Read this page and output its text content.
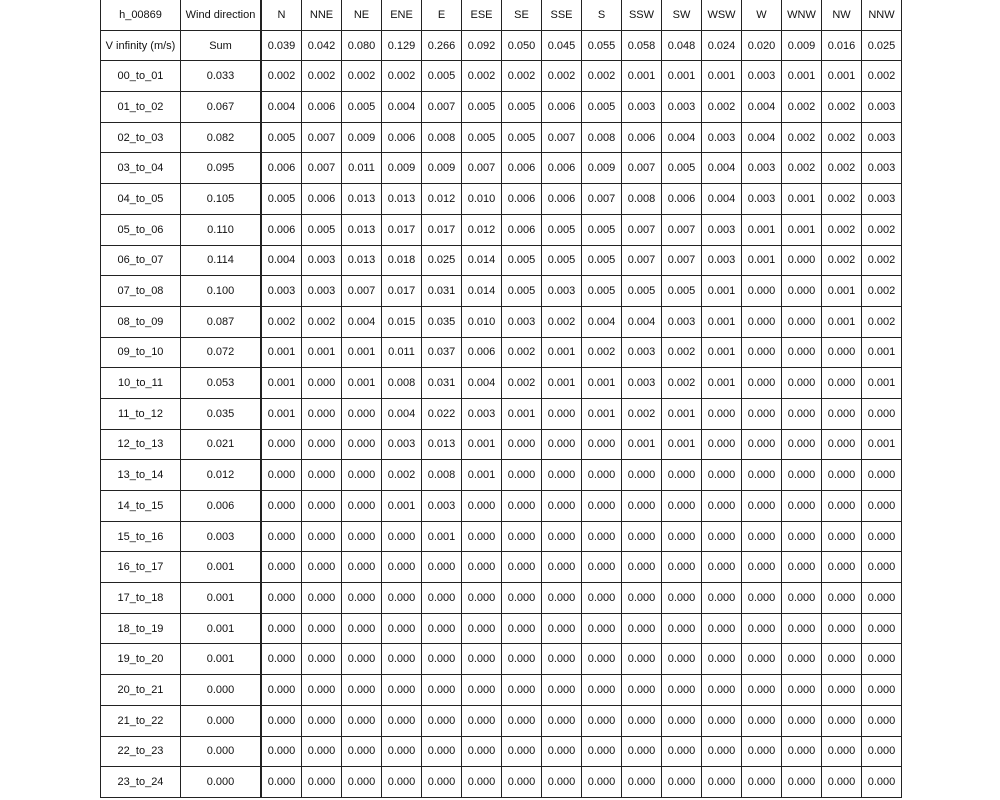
h_00869	Wind direction	N	NNE	NE	ENE	E	ESE	SE	SSE	S	SSW	SW	WSW	W	WNW	NW	NNW
V infinity (m/s)	Sum	0.039	0.042	0.080	0.129	0.266	0.092	0.050	0.045	0.055	0.058	0.048	0.024	0.020	0.009	0.016	0.025
00_to_01	0.033	0.002	0.002	0.002	0.002	0.005	0.002	0.002	0.002	0.002	0.001	0.001	0.001	0.003	0.001	0.001	0.002
01_to_02	0.067	0.004	0.006	0.005	0.004	0.007	0.005	0.005	0.006	0.005	0.003	0.003	0.002	0.004	0.002	0.002	0.003
02_to_03	0.082	0.005	0.007	0.009	0.006	0.008	0.005	0.005	0.007	0.008	0.006	0.004	0.003	0.004	0.002	0.002	0.003
03_to_04	0.095	0.006	0.007	0.011	0.009	0.009	0.007	0.006	0.006	0.009	0.007	0.005	0.004	0.003	0.002	0.002	0.003
04_to_05	0.105	0.005	0.006	0.013	0.013	0.012	0.010	0.006	0.006	0.007	0.008	0.006	0.004	0.003	0.001	0.002	0.003
05_to_06	0.110	0.006	0.005	0.013	0.017	0.017	0.012	0.006	0.005	0.005	0.007	0.007	0.003	0.001	0.001	0.002	0.002
06_to_07	0.114	0.004	0.003	0.013	0.018	0.025	0.014	0.005	0.005	0.005	0.007	0.007	0.003	0.001	0.000	0.002	0.002
07_to_08	0.100	0.003	0.003	0.007	0.017	0.031	0.014	0.005	0.003	0.005	0.005	0.005	0.001	0.000	0.000	0.001	0.002
08_to_09	0.087	0.002	0.002	0.004	0.015	0.035	0.010	0.003	0.002	0.004	0.004	0.003	0.001	0.000	0.000	0.001	0.002
09_to_10	0.072	0.001	0.001	0.001	0.011	0.037	0.006	0.002	0.001	0.002	0.003	0.002	0.001	0.000	0.000	0.000	0.001
10_to_11	0.053	0.001	0.000	0.001	0.008	0.031	0.004	0.002	0.001	0.001	0.003	0.002	0.001	0.000	0.000	0.000	0.001
11_to_12	0.035	0.001	0.000	0.000	0.004	0.022	0.003	0.001	0.000	0.001	0.002	0.001	0.000	0.000	0.000	0.000	0.000
12_to_13	0.021	0.000	0.000	0.000	0.003	0.013	0.001	0.000	0.000	0.000	0.001	0.001	0.000	0.000	0.000	0.000	0.001
13_to_14	0.012	0.000	0.000	0.000	0.002	0.008	0.001	0.000	0.000	0.000	0.000	0.000	0.000	0.000	0.000	0.000	0.000
14_to_15	0.006	0.000	0.000	0.000	0.001	0.003	0.000	0.000	0.000	0.000	0.000	0.000	0.000	0.000	0.000	0.000	0.000
15_to_16	0.003	0.000	0.000	0.000	0.000	0.001	0.000	0.000	0.000	0.000	0.000	0.000	0.000	0.000	0.000	0.000	0.000
16_to_17	0.001	0.000	0.000	0.000	0.000	0.000	0.000	0.000	0.000	0.000	0.000	0.000	0.000	0.000	0.000	0.000	0.000
17_to_18	0.001	0.000	0.000	0.000	0.000	0.000	0.000	0.000	0.000	0.000	0.000	0.000	0.000	0.000	0.000	0.000	0.000
18_to_19	0.001	0.000	0.000	0.000	0.000	0.000	0.000	0.000	0.000	0.000	0.000	0.000	0.000	0.000	0.000	0.000	0.000
19_to_20	0.001	0.000	0.000	0.000	0.000	0.000	0.000	0.000	0.000	0.000	0.000	0.000	0.000	0.000	0.000	0.000	0.000
20_to_21	0.000	0.000	0.000	0.000	0.000	0.000	0.000	0.000	0.000	0.000	0.000	0.000	0.000	0.000	0.000	0.000	0.000
21_to_22	0.000	0.000	0.000	0.000	0.000	0.000	0.000	0.000	0.000	0.000	0.000	0.000	0.000	0.000	0.000	0.000	0.000
22_to_23	0.000	0.000	0.000	0.000	0.000	0.000	0.000	0.000	0.000	0.000	0.000	0.000	0.000	0.000	0.000	0.000	0.000
23_to_24	0.000	0.000	0.000	0.000	0.000	0.000	0.000	0.000	0.000	0.000	0.000	0.000	0.000	0.000	0.000	0.000	0.000
